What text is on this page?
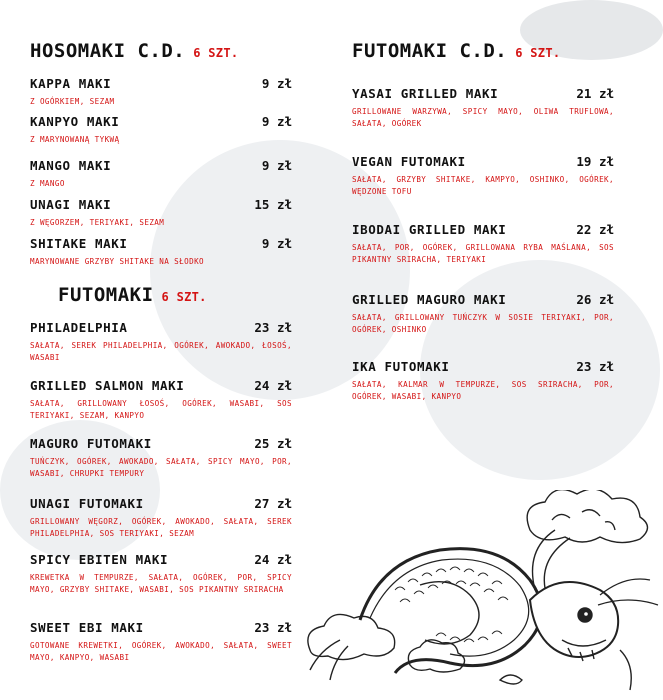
HOSOMAKI C.D. 6 SZT.
KAPPA MAKI	9 zł
Z OGÓRKIEM, SEZAM
KANPYO MAKI	9 zł
Z MARYNOWANĄ TYKWĄ
MANGO MAKI	9 zł
Z MANGO
UNAGI MAKI	15 zł
Z WĘGORZEM, TERIYAKI, SEZAM
SHITAKE MAKI	9 zł
MARYNOWANE GRZYBY SHITAKE NA SŁODKO
FUTOMAKI 6 SZT.
PHILADELPHIA	23 zł
SAŁATA, SEREK PHILADELPHIA, OGÓREK, AWOKADO, ŁOSOŚ, WASABI
GRILLED SALMON MAKI	24 zł
SAŁATA, GRILLOWANY ŁOSOŚ, OGÓREK, WASABI, SOS TERIYAKI, SEZAM, KANPYO
MAGURO FUTOMAKI	25 zł
TUŃCZYK, OGÓREK, AWOKADO, SAŁATA, SPICY MAYO, POR, WASABI, CHRUPKI TEMPURY
UNAGI FUTOMAKI	27 zł
GRILLOWANY WĘGORZ, OGÓREK, AWOKADO, SAŁATA, SEREK PHILADELPHIA, SOS TERIYAKI, SEZAM
SPICY EBITEN MAKI	24 zł
KREWETKA W TEMPURZE, SAŁATA, OGÓREK, POR, SPICY MAYO, GRZYBY SHITAKE, WASABI, SOS PIKANTNY SRIRACHA
SWEET EBI MAKI	23 zł
GOTOWANE KREWETKI, OGÓREK, AWOKADO, SAŁATA, SWEET MAYO, KANPYO, WASABI
FUTOMAKI C.D. 6 SZT.
YASAI GRILLED MAKI	21 zł
GRILLOWANE WARZYWA, SPICY MAYO, OLIWA TRUFLOWA, SAŁATA, OGÓREK
VEGAN FUTOMAKI	19 zł
SAŁATA, GRZYBY SHITAKE, KAMPYO, OSHINKO, OGÓREK, WĘDZONE TOFU
IBODAI GRILLED MAKI	22 zł
SAŁATA, POR, OGÓREK, GRILLOWANA RYBA MAŚLANA, SOS PIKANTNY SRIRACHA, TERIYAKI
GRILLED MAGURO MAKI	26 zł
SAŁATA, GRILLOWANY TUŃCZYK W SOSIE TERIYAKI, POR, OGÓREK, OSHINKO
IKA FUTOMAKI	23 zł
SAŁATA, KALMAR W TEMPURZE, SOS SRIRACHA, POR, OGÓREK, WASABI, KANPYO
